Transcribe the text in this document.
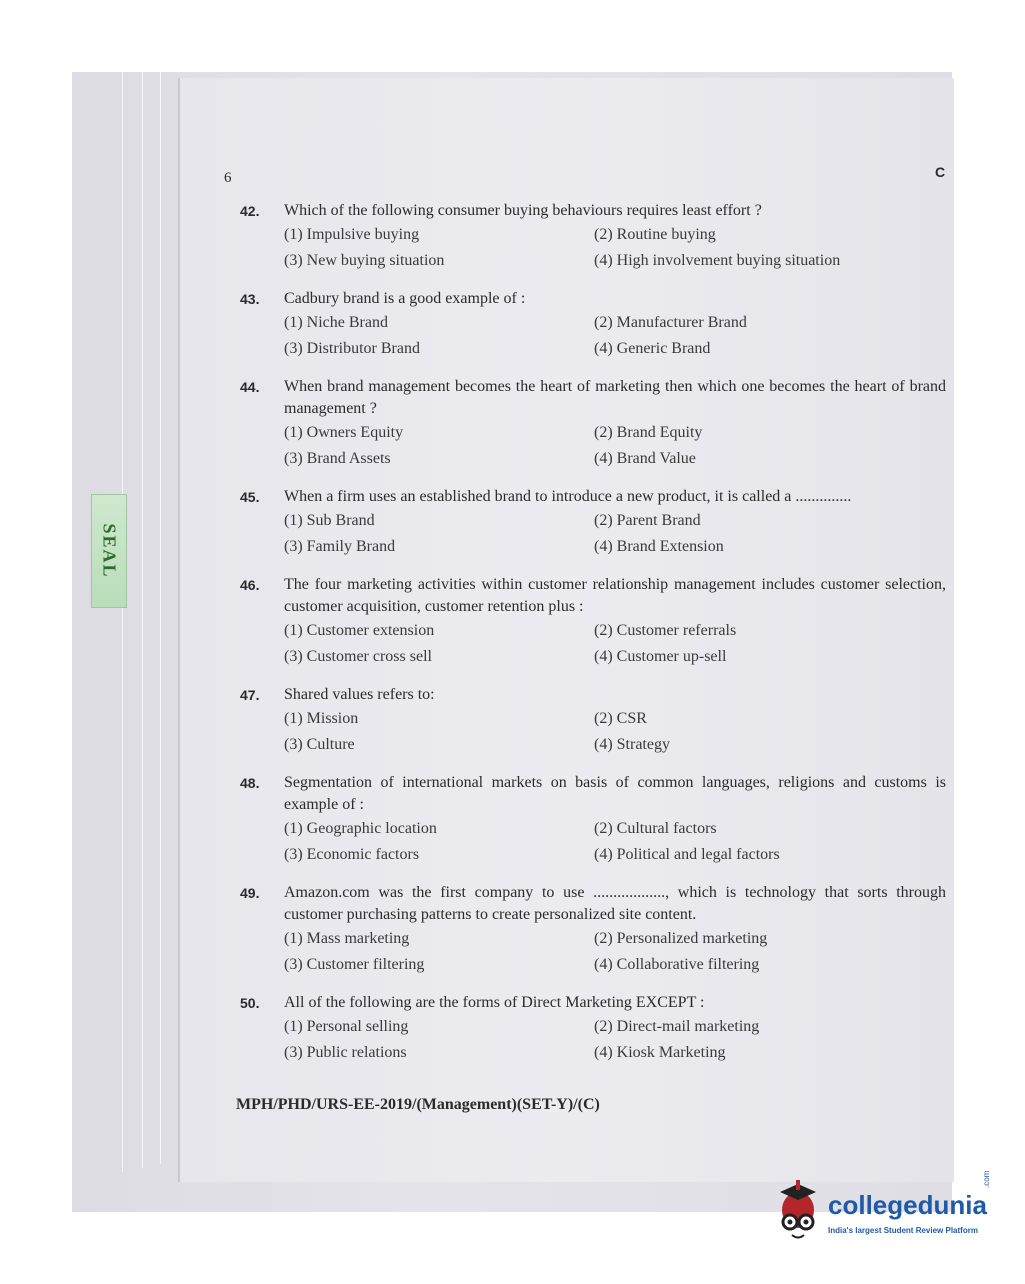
6	C
SEAL
42.	Which of the following consumer buying behaviours requires least effort ?
(1) Impulsive buying	(2) Routine buying
(3) New buying situation	(4) High involvement buying situation
43.	Cadbury brand is a good example of :
(1) Niche Brand	(2) Manufacturer Brand
(3) Distributor Brand	(4) Generic Brand
44.	When brand management becomes the heart of marketing then which one becomes the heart of brand management ?
(1) Owners Equity	(2) Brand Equity
(3) Brand Assets	(4) Brand Value
45.	When a firm uses an established brand to introduce a new product, it is called a ..............
(1) Sub Brand	(2) Parent Brand
(3) Family Brand	(4) Brand Extension
46.	The four marketing activities within customer relationship management includes customer selection, customer acquisition, customer retention plus :
(1) Customer extension	(2) Customer referrals
(3) Customer cross sell	(4) Customer up-sell
47.	Shared values refers to:
(1) Mission	(2) CSR
(3) Culture	(4) Strategy
48.	Segmentation of international markets on basis of common languages, religions and customs is example of :
(1) Geographic location	(2) Cultural factors
(3) Economic factors	(4) Political and legal factors
49.	Amazon.com was the first company to use .................., which is technology that sorts through customer purchasing patterns to create personalized site content.
(1) Mass marketing	(2) Personalized marketing
(3) Customer filtering	(4) Collaborative filtering
50.	All of the following are the forms of Direct Marketing EXCEPT :
(1) Personal selling	(2) Direct-mail marketing
(3) Public relations	(4) Kiosk Marketing
MPH/PHD/URS-EE-2019/(Management)(SET-Y)/(C)
collegedunia
.com
India's largest Student Review Platform
